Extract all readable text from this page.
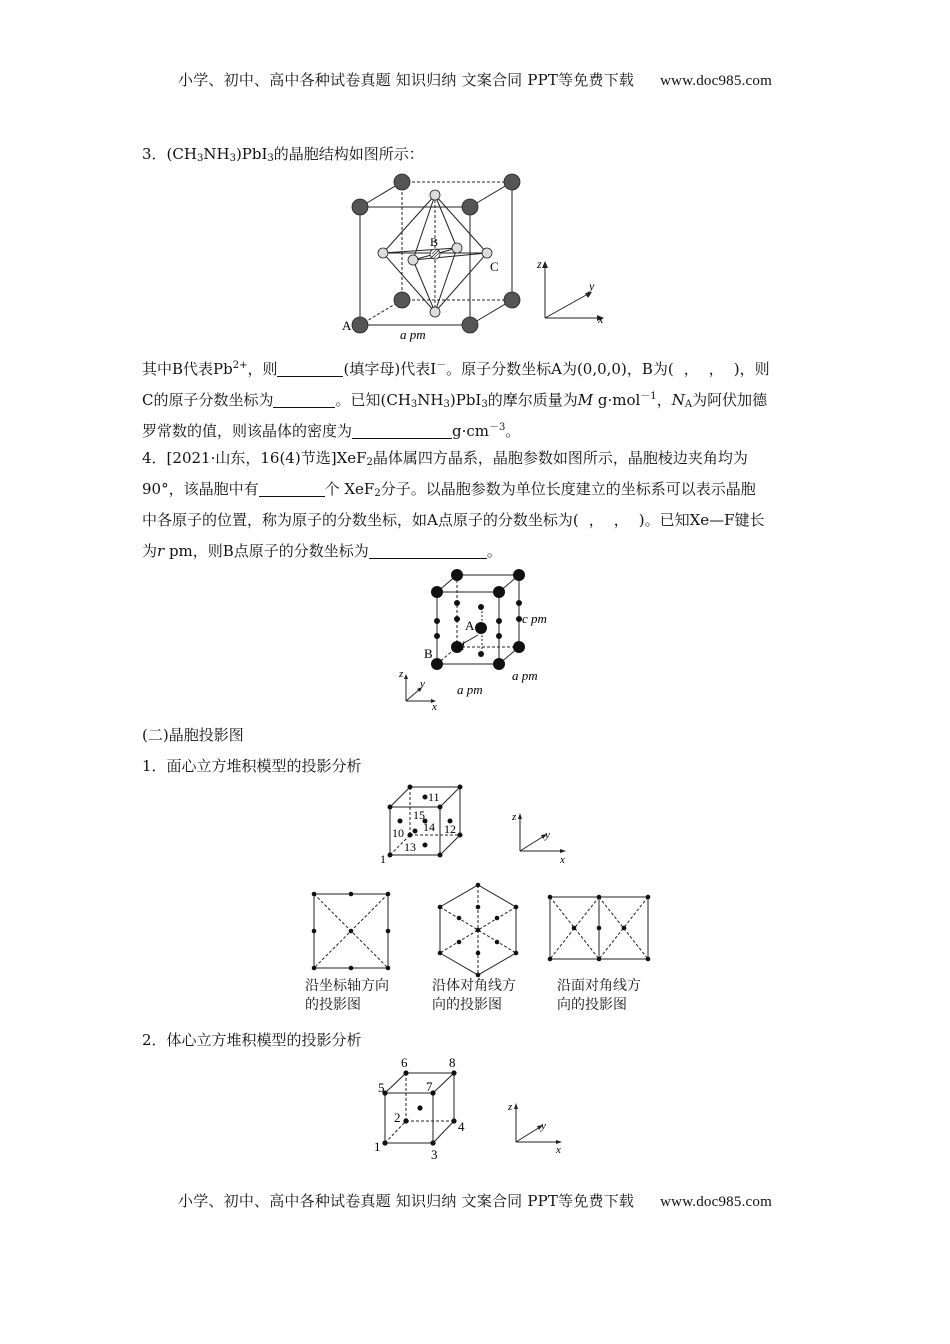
小学、初中、高中各种试卷真题 知识归纳 文案合同 PPT等免费下载 www.doc985.com
3．$(CH_3NH_3)PbI_3$的晶胞结构如图所示：
B
C
A
a pm
z
y
x
其中B代表$Pb^{2+}$，则	(填字母)代表I－。原子分数坐标A为(0,0,0)，B为( ， ， )，则
C的原子分数坐标为	。已知$(CH_3NH_3)PbI_3$的摩尔质量为M g·mol$^{-1}$，$N_A$为阿伏加德
罗常数的值，则该晶体的密度为	$g\cdot cm^{-3}$。
4．[2021·山东，16(4)节选]XeF$_2$晶体属四方晶系，晶胞参数如图所示，晶胞棱边夹角均为
90°，该晶胞中有	个 XeF$_2$分子。以晶胞参数为单位长度建立的坐标系可以表示晶胞
中各原子的位置，称为原子的分数坐标，如A点原子的分数坐标为( ， ， )。已知Xe—F键长
为r pm，则B点原子的分数坐标为	。
A
B
d
c pm
a pm
a pm
z
y
x
(二)晶胞投影图
1．面心立方堆积模型的投影分析
11
15
10 14 12
13
1
z
y
x
沿坐标轴方向
的投影图
沿体对角线方
向的投影图
沿面对角线方
向的投影图
2．体心立方堆积模型的投影分析
6	8
5	7
2
4
1
3
z
y
x
小学、初中、高中各种试卷真题 知识归纳 文案合同 PPT等免费下载 www.doc985.com
